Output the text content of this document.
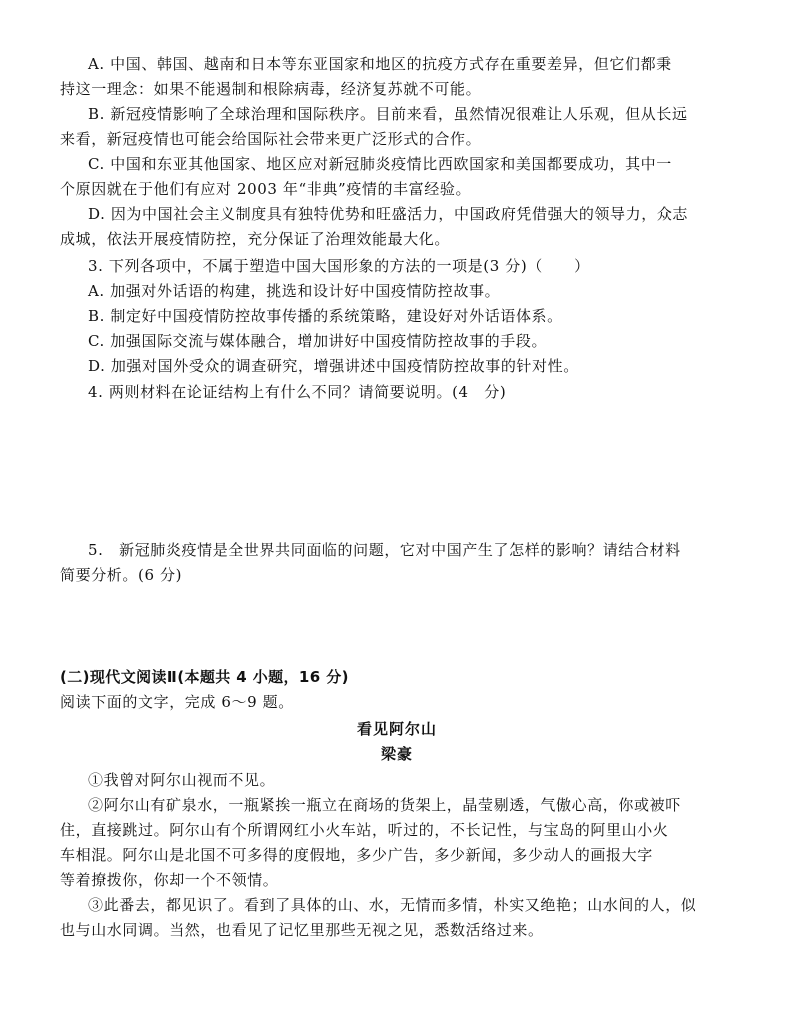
A. 中国、韩国、越南和日本等东亚国家和地区的抗疫方式存在重要差异，但它们都秉
持这一理念：如果不能遏制和根除病毒，经济复苏就不可能。
B. 新冠疫情影响了全球治理和国际秩序。目前来看，虽然情况很难让人乐观，但从长远
来看，新冠疫情也可能会给国际社会带来更广泛形式的合作。
C. 中国和东亚其他国家、地区应对新冠肺炎疫情比西欧国家和美国都要成功，其中一
个原因就在于他们有应对 2003 年“非典”疫情的丰富经验。
D. 因为中国社会主义制度具有独特优势和旺盛活力，中国政府凭借强大的领导力，众志
成城，依法开展疫情防控，充分保证了治理效能最大化。
3. 下列各项中，不属于塑造中国大国形象的方法的一项是(3 分)（　　）
A. 加强对外话语的构建，挑选和设计好中国疫情防控故事。
B. 制定好中国疫情防控故事传播的系统策略，建设好对外话语体系。
C. 加强国际交流与媒体融合，增加讲好中国疫情防控故事的手段。
D. 加强对国外受众的调查研究，增强讲述中国疫情防控故事的针对性。
4. 两则材料在论证结构上有什么不同？请简要说明。(4　分)
5.　新冠肺炎疫情是全世界共同面临的问题，它对中国产生了怎样的影响？请结合材料
简要分析。(6 分)
(二)现代文阅读Ⅱ(本题共 4 小题，16 分)
阅读下面的文字，完成 6～9 题。
看见阿尔山
梁豪
①我曾对阿尔山视而不见。
②阿尔山有矿泉水，一瓶紧挨一瓶立在商场的货架上，晶莹剔透，气傲心高，你或被吓
住，直接跳过。阿尔山有个所谓网红小火车站，听过的，不长记性，与宝岛的阿里山小火
车相混。阿尔山是北国不可多得的度假地，多少广告，多少新闻，多少动人的画报大字
等着撩拨你，你却一个不领情。
③此番去，都见识了。看到了具体的山、水，无情而多情，朴实又绝艳；山水间的人，似
也与山水同调。当然，也看见了记忆里那些无视之见，悉数活络过来。
